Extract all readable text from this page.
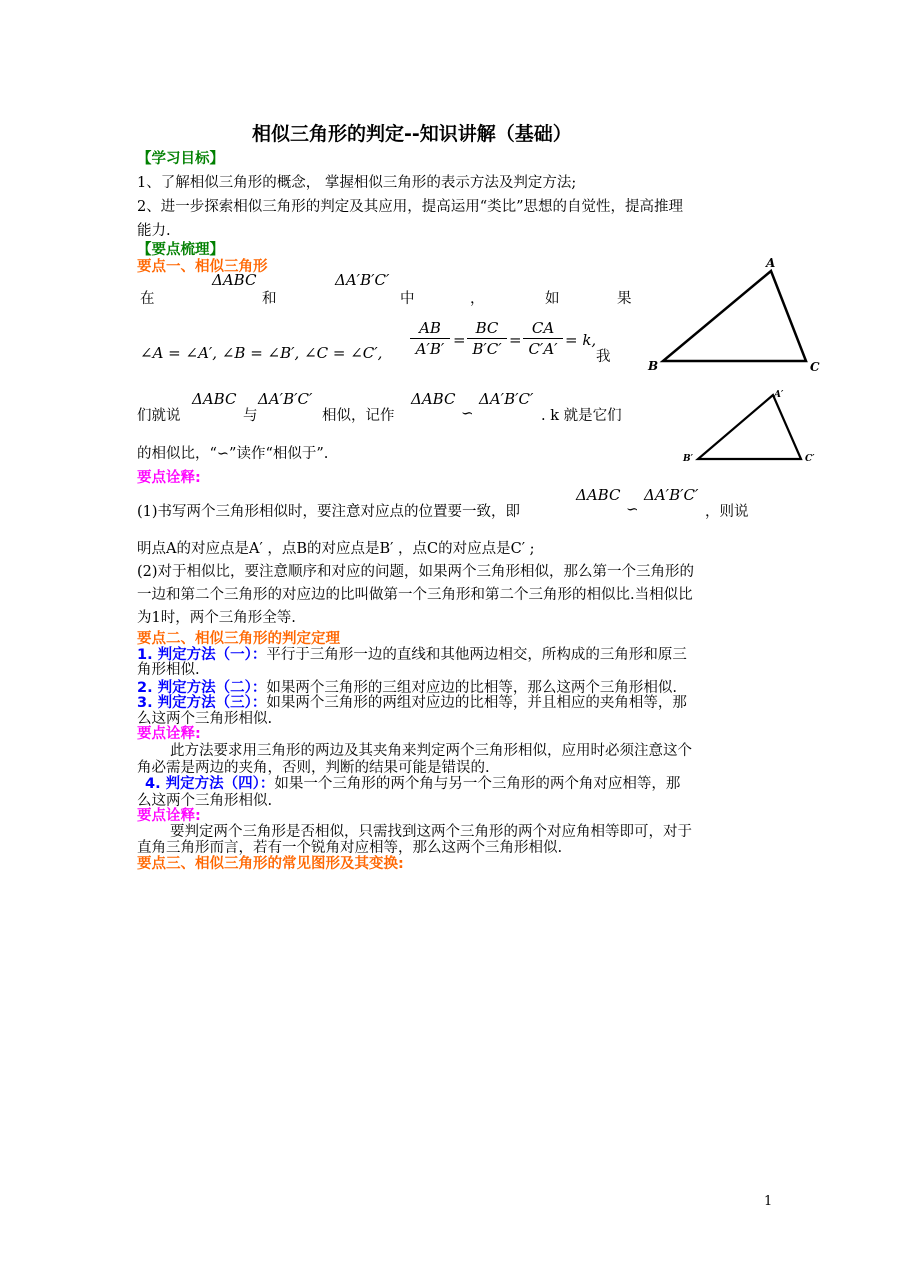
相似三角形的判定--知识讲解（基础）
【学习目标】
1、了解相似三角形的概念， 掌握相似三角形的表示方法及判定方法;
2、进一步探索相似三角形的判定及其应用，提高运用“类比”思想的自觉性，提高推理
能力.
【要点梳理】
要点一、相似三角形
在
ΔABC
和
ΔA′B′C′
中	，	如	果
∠A = ∠A′, ∠B = ∠B′, ∠C = ∠C′, $\frac{AB}{A'B'} = \frac{BC}{B'C'} = \frac{CA}{C'A'} = k$,
我
们就说
ΔABC
与
ΔA′B′C′
相似，记作
ΔABC
∽
ΔA′B′C′
. k 就是它们
的相似比，“∽”读作“相似于”.
A
B	C
A′
B′	C′
要点诠释:
(1)书写两个三角形相似时，要注意对应点的位置要一致，即
ΔABC
∽
ΔA′B′C′
，则说
明点A的对应点是A′ ，点B的对应点是B′ ，点C的对应点是C′ ;
(2)对于相似比，要注意顺序和对应的问题，如果两个三角形相似，那么第一个三角形的
一边和第二个三角形的对应边的比叫做第一个三角形和第二个三角形的相似比.当相似比
为1时，两个三角形全等.
要点二、相似三角形的判定定理
1. 判定方法（一）：平行于三角形一边的直线和其他两边相交，所构成的三角形和原三
角形相似.
2. 判定方法（二）：如果两个三角形的三组对应边的比相等，那么这两个三角形相似.
3. 判定方法（三）：如果两个三角形的两组对应边的比相等，并且相应的夹角相等，那
么这两个三角形相似.
要点诠释:
此方法要求用三角形的两边及其夹角来判定两个三角形相似，应用时必须注意这个
角必需是两边的夹角，否则，判断的结果可能是错误的.
4. 判定方法（四）：如果一个三角形的两个角与另一个三角形的两个角对应相等，那
么这两个三角形相似.
要点诠释:
要判定两个三角形是否相似，只需找到这两个三角形的两个对应角相等即可，对于
直角三角形而言，若有一个锐角对应相等，那么这两个三角形相似.
要点三、相似三角形的常见图形及其变换:
1
